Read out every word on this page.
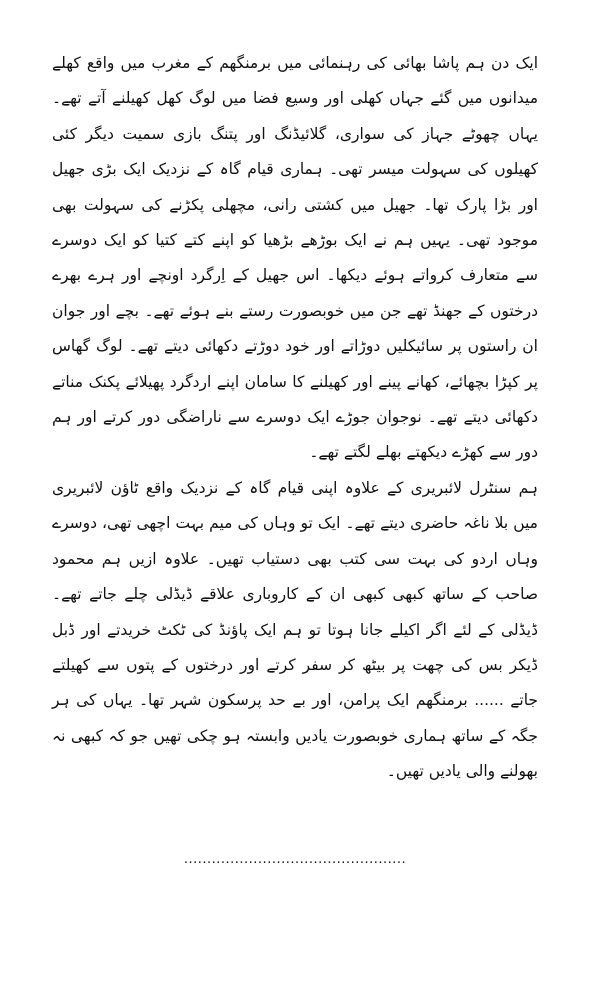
ایک دن ہم پاشا بھائی کی رہنمائی میں برمنگھم کے مغرب میں واقع کھلے میدانوں میں گئے جہاں کھلی اور وسیع فضا میں لوگ کھل کھیلنے آتے تھے۔ یہاں چھوٹے جہاز کی سواری، گلائیڈنگ اور پتنگ بازی سمیت دیگر کئی کھیلوں کی سہولت میسر تھی۔ ہماری قیام گاہ کے نزدیک ایک بڑی جھیل اور بڑا پارک تھا۔ جھیل میں کشتی رانی، مچھلی پکڑنے کی سہولت بھی موجود تھی۔ یہیں ہم نے ایک بوڑھے بڑھیا کو اپنے کتے کتیا کو ایک دوسرے سے متعارف کرواتے ہوئے دیکھا۔ اس جھیل کے اِرگرد اونچے اور ہرے بھرے درختوں کے جھنڈ تھے جن میں خوبصورت رستے بنے ہوئے تھے۔ بچے اور جوان ان راستوں پر سائیکلیں دوڑاتے اور خود دوڑتے دکھائی دیتے تھے۔ لوگ گھاس پر کپڑا بچھائے، کھانے پینے اور کھیلنے کا سامان اپنے اردگرد پھیلائے پکنک مناتے دکھائی دیتے تھے۔ نوجوان جوڑے ایک دوسرے سے ناراضگی دور کرتے اور ہم دور سے کھڑے دیکھتے بھلے لگتے تھے۔

ہم سنٹرل لائبریری کے علاوہ اپنی قیام گاہ کے نزدیک واقع ٹاؤن لائبریری میں بلا ناغہ حاضری دیتے تھے۔ ایک تو وہاں کی میم بہت اچھی تھی، دوسرے وہاں اردو کی بہت سی کتب بھی دستیاب تھیں۔ علاوہ ازیں ہم محمود صاحب کے ساتھ کبھی کبھی ان کے کاروباری علاقے ڈیڈلی چلے جاتے تھے۔ ڈیڈلی کے لئے اگر اکیلے جانا ہوتا تو ہم ایک پاؤنڈ کی ٹکٹ خریدتے اور ڈبل ڈیکر بس کی چھت پر بیٹھ کر سفر کرتے اور درختوں کے پتوں سے کھیلتے جاتے ...... برمنگھم ایک پرامن، اور بے حد پرسکون شہر تھا۔ یہاں کی ہر جگہ کے ساتھ ہماری خوبصورت یادیں وابستہ ہو چکی تھیں جو کہ کبھی نہ بھولنے والی یادیں تھیں۔

................................................
